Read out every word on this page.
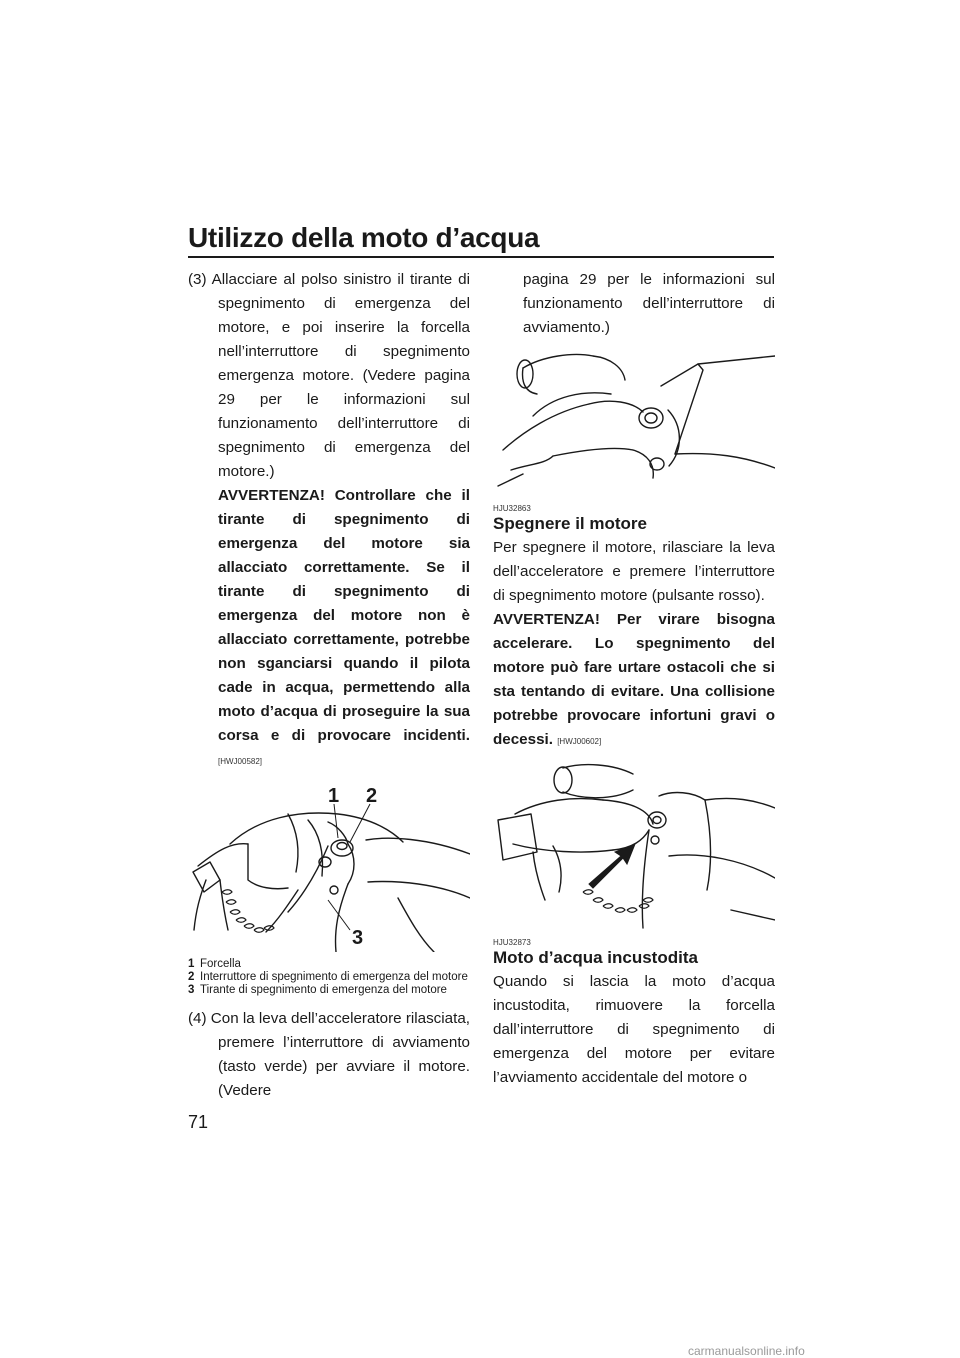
Utilizzo della moto d’acqua

(3) Allacciare al polso sinistro il tirante di spegnimento di emergenza del motore, e poi inserire la forcella nell’interruttore di spegnimento emergenza motore. (Vedere pagina 29 per le informazioni sul funzionamento dell’interruttore di spegnimento di emergenza del motore.)

AVVERTENZA! Controllare che il tirante di spegnimento di emergenza del motore sia allacciato correttamente. Se il tirante di spegnimento di emergenza del motore non è allacciato correttamente, potrebbe non sganciarsi quando il pilota cade in acqua, permettendo alla moto d’acqua di proseguire la sua corsa e di provocare incidenti. [HWJ00582]

1 2
3
1 Forcella
2 Interruttore di spegnimento di emergenza del motore
3 Tirante di spegnimento di emergenza del motore

(4) Con la leva dell’acceleratore rilasciata, premere l’interruttore di avviamento (tasto verde) per avviare il motore. (Vedere

pagina 29 per le informazioni sul funzionamento dell’interruttore di avviamento.)

HJU32863
Spegnere il motore

Per spegnere il motore, rilasciare la leva dell’acceleratore e premere l’interruttore di spegnimento motore (pulsante rosso).

AVVERTENZA! Per virare bisogna accelerare. Lo spegnimento del motore può fare urtare ostacoli che si sta tentando di evitare. Una collisione potrebbe provocare infortuni gravi o decessi. [HWJ00602]

HJU32873
Moto d’acqua incustodita

Quando si lascia la moto d’acqua incustodita, rimuovere la forcella dall’interruttore di spegnimento di emergenza del motore per evitare l’avviamento accidentale del motore o

71
carmanualsonline.info
